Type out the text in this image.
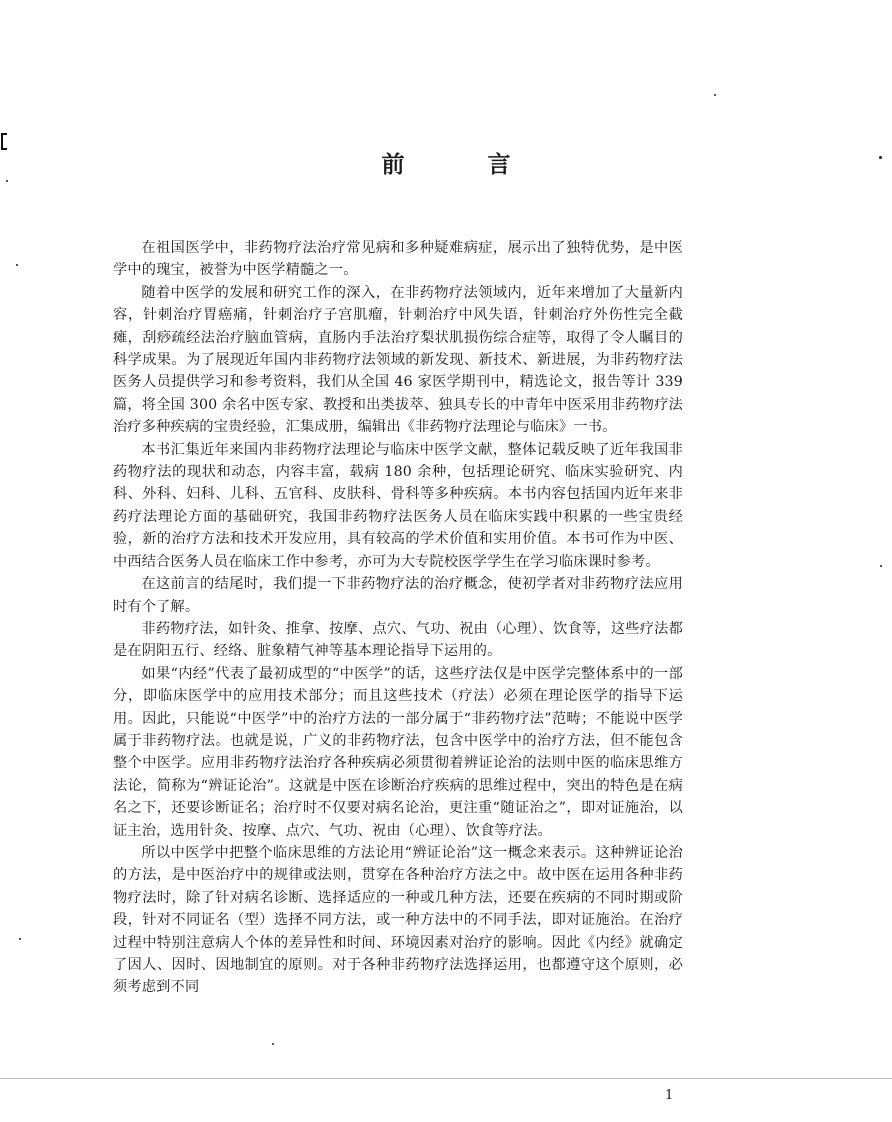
前　言

在祖国医学中，非药物疗法治疗常见病和多种疑难病症，展示出了独特优势，是中医学中的瑰宝，被誉为中医学精髓之一。

随着中医学的发展和研究工作的深入，在非药物疗法领域内，近年来增加了大量新内容，针刺治疗胃癌痛，针刺治疗子宫肌瘤，针刺治疗中风失语，针刺治疗外伤性完全截瘫，刮痧疏经法治疗脑血管病，直肠内手法治疗梨状肌损伤综合症等，取得了令人瞩目的科学成果。为了展现近年国内非药物疗法领域的新发现、新技术、新进展，为非药物疗法医务人员提供学习和参考资料，我们从全国 46 家医学期刊中，精选论文，报告等计 339 篇，将全国 300 余名中医专家、教授和出类拔萃、独具专长的中青年中医采用非药物疗法治疗多种疾病的宝贵经验，汇集成册，编辑出《非药物疗法理论与临床》一书。

本书汇集近年来国内非药物疗法理论与临床中医学文献，整体记载反映了近年我国非药物疗法的现状和动态，内容丰富，载病 180 余种，包括理论研究、临床实验研究、内科、外科、妇科、儿科、五官科、皮肤科、骨科等多种疾病。本书内容包括国内近年来非药疗法理论方面的基础研究，我国非药物疗法医务人员在临床实践中积累的一些宝贵经验，新的治疗方法和技术开发应用，具有较高的学术价值和实用价值。本书可作为中医、中西结合医务人员在临床工作中参考，亦可为大专院校医学学生在学习临床课时参考。

在这前言的结尾时，我们提一下非药物疗法的治疗概念，使初学者对非药物疗法应用时有个了解。

非药物疗法，如针灸、推拿、按摩、点穴、气功、祝由（心理）、饮食等，这些疗法都是在阴阳五行、经络、脏象精气神等基本理论指导下运用的。

如果“内经”代表了最初成型的“中医学”的话，这些疗法仅是中医学完整体系中的一部分，即临床医学中的应用技术部分；而且这些技术（疗法）必须在理论医学的指导下运用。因此，只能说“中医学”中的治疗方法的一部分属于“非药物疗法”范畴；不能说中医学属于非药物疗法。也就是说，广义的非药物疗法，包含中医学中的治疗方法，但不能包含整个中医学。应用非药物疗法治疗各种疾病必须贯彻着辨证论治的法则中医的临床思维方法论，简称为“辨证论治”。这就是中医在诊断治疗疾病的思维过程中，突出的特色是在病名之下，还要诊断证名；治疗时不仅要对病名论治，更注重“随证治之”，即对证施治，以证主治，选用针灸、按摩、点穴、气功、祝由（心理）、饮食等疗法。

所以中医学中把整个临床思维的方法论用“辨证论治”这一概念来表示。这种辨证论治的方法，是中医治疗中的规律或法则，贯穿在各种治疗方法之中。故中医在运用各种非药物疗法时，除了针对病名诊断、选择适应的一种或几种方法，还要在疾病的不同时期或阶段，针对不同证名（型）选择不同方法，或一种方法中的不同手法，即对证施治。在治疗过程中特别注意病人个体的差异性和时间、环境因素对治疗的影响。因此《内经》就确定了因人、因时、因地制宜的原则。对于各种非药物疗法选择运用，也都遵守这个原则，必须考虑到不同

1
